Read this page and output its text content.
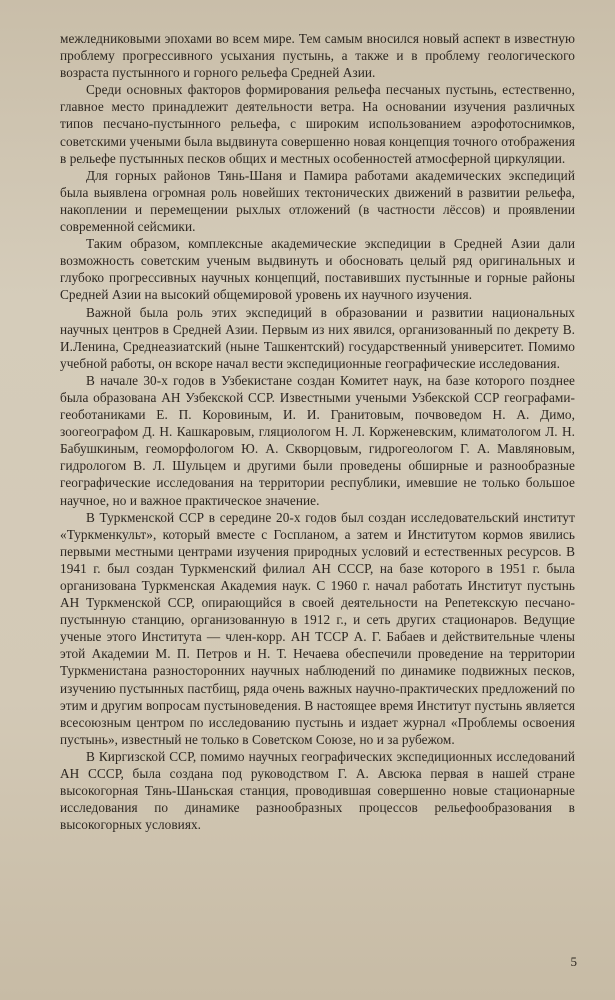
межледниковыми эпохами во всем мире. Тем самым вносился новый аспект в известную проблему прогрессивного усыхания пустынь, а также и в проблему геологического возраста пустынного и горного рельефа Средней Азии.

Среди основных факторов формирования рельефа песчаных пустынь, естественно, главное место принадлежит деятельности ветра. На основании изучения различных типов песчано-пустынного рельефа, с широким использованием аэрофотоснимков, советскими учеными была выдвинута совершенно новая концепция точного отображения в рельефе пустынных песков общих и местных особенностей атмосферной циркуляции.

Для горных районов Тянь-Шаня и Памира работами академических экспедиций была выявлена огромная роль новейших тектонических движений в развитии рельефа, накоплении и перемещении рыхлых отложений (в частности лёссов) и проявлении современной сейсмики.

Таким образом, комплексные академические экспедиции в Средней Азии дали возможность советским ученым выдвинуть и обосновать целый ряд оригинальных и глубоко прогрессивных научных концепций, поставивших пустынные и горные районы Средней Азии на высокий общемировой уровень их научного изучения.

Важной была роль этих экспедиций в образовании и развитии национальных научных центров в Средней Азии. Первым из них явился, организованный по декрету В. И.Ленина, Среднеазиатский (ныне Ташкентский) государственный университет. Помимо учебной работы, он вскоре начал вести экспедиционные географические исследования.

В начале 30-х годов в Узбекистане создан Комитет наук, на базе которого позднее была образована АН Узбекской ССР. Известными учеными Узбекской ССР географами-геоботаниками Е. П. Коровиным, И. И. Гранитовым, почвоведом Н. А. Димо, зоогеографом Д. Н. Кашкаровым, гляциологом Н. Л. Корженевским, климатологом Л. Н. Бабушкиным, геоморфологом Ю. А. Скворцовым, гидрогеологом Г. А. Мавляновым, гидрологом В. Л. Шульцем и другими были проведены обширные и разнообразные географические исследования на территории республики, имевшие не только большое научное, но и важное практическое значение.

В Туркменской ССР в середине 20-х годов был создан исследовательский институт «Туркменкульт», который вместе с Госпланом, а затем и Институтом кормов явились первыми местными центрами изучения природных условий и естественных ресурсов. В 1941 г. был создан Туркменский филиал АН СССР, на базе которого в 1951 г. была организована Туркменская Академия наук. С 1960 г. начал работать Институт пустынь АН Туркменской ССР, опирающийся в своей деятельности на Репетекскую песчано-пустынную станцию, организованную в 1912 г., и сеть других стационаров. Ведущие ученые этого Института — член-корр. АН ТССР А. Г. Бабаев и действительные члены этой Академии М. П. Петров и Н. Т. Нечаева обеспечили проведение на территории Туркменистана разносторонних научных наблюдений по динамике подвижных песков, изучению пустынных пастбищ, ряда очень важных научно-практических предложений по этим и другим вопросам пустыноведения. В настоящее время Институт пустынь является всесоюзным центром по исследованию пустынь и издает журнал «Проблемы освоения пустынь», известный не только в Советском Союзе, но и за рубежом.

В Киргизской ССР, помимо научных географических экспедиционных исследований АН СССР, была создана под руководством Г. А. Авсюка первая в нашей стране высокогорная Тянь-Шаньская станция, проводившая совершенно новые стационарные исследования по динамике разнообразных процессов рельефообразования в высокогорных условиях.

5
